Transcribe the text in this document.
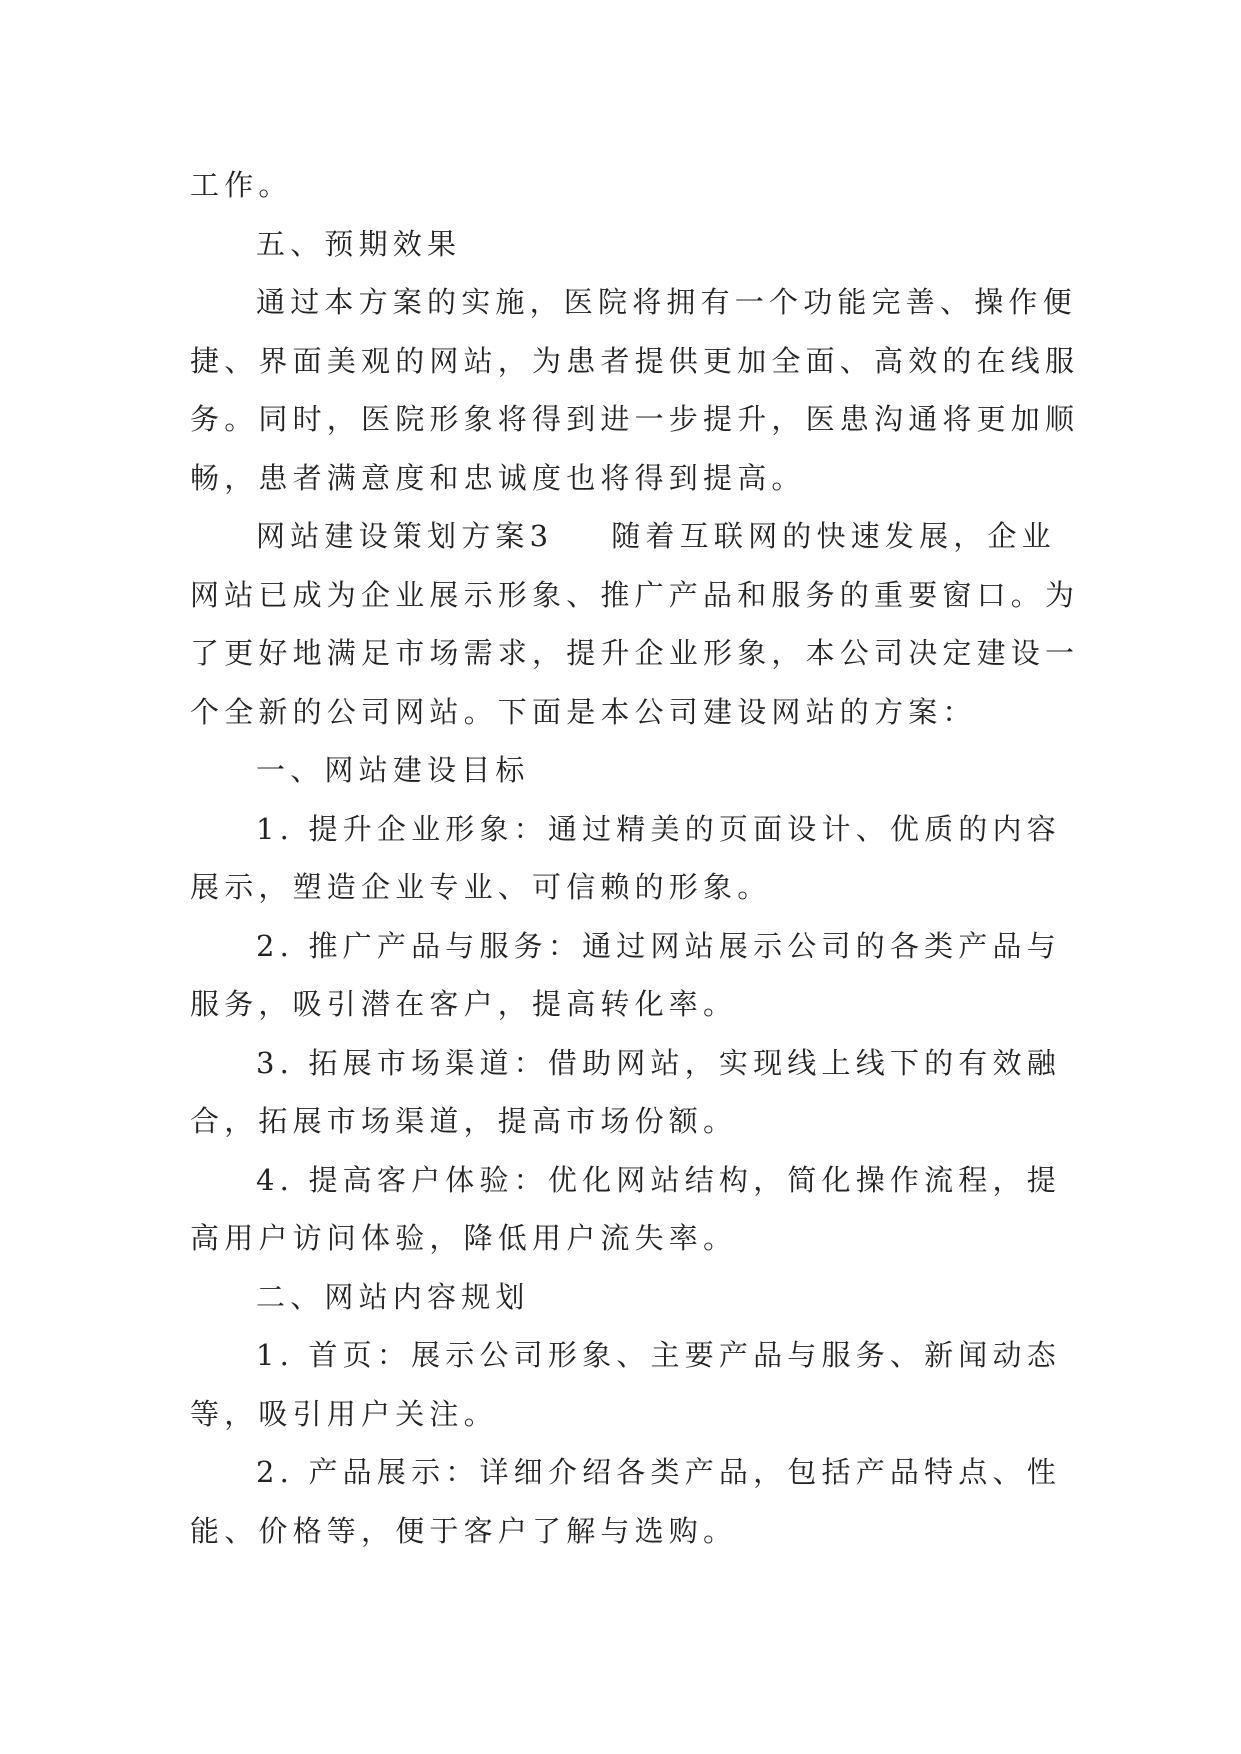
工作。
五、预期效果
通过本方案的实施，医院将拥有一个功能完善、操作便
捷、界面美观的网站，为患者提供更加全面、高效的在线服
务。同时，医院形象将得到进一步提升，医患沟通将更加顺
畅，患者满意度和忠诚度也将得到提高。
网站建设策划方案3 随着互联网的快速发展，企业
网站已成为企业展示形象、推广产品和服务的重要窗口。为
了更好地满足市场需求，提升企业形象，本公司决定建设一
个全新的公司网站。下面是本公司建设网站的方案：
一、网站建设目标
1. 提升企业形象：通过精美的页面设计、优质的内容
展示，塑造企业专业、可信赖的形象。
2. 推广产品与服务：通过网站展示公司的各类产品与
服务，吸引潜在客户，提高转化率。
3. 拓展市场渠道：借助网站，实现线上线下的有效融
合，拓展市场渠道，提高市场份额。
4. 提高客户体验：优化网站结构，简化操作流程，提
高用户访问体验，降低用户流失率。
二、网站内容规划
1. 首页：展示公司形象、主要产品与服务、新闻动态
等，吸引用户关注。
2. 产品展示：详细介绍各类产品，包括产品特点、性
能、价格等，便于客户了解与选购。
